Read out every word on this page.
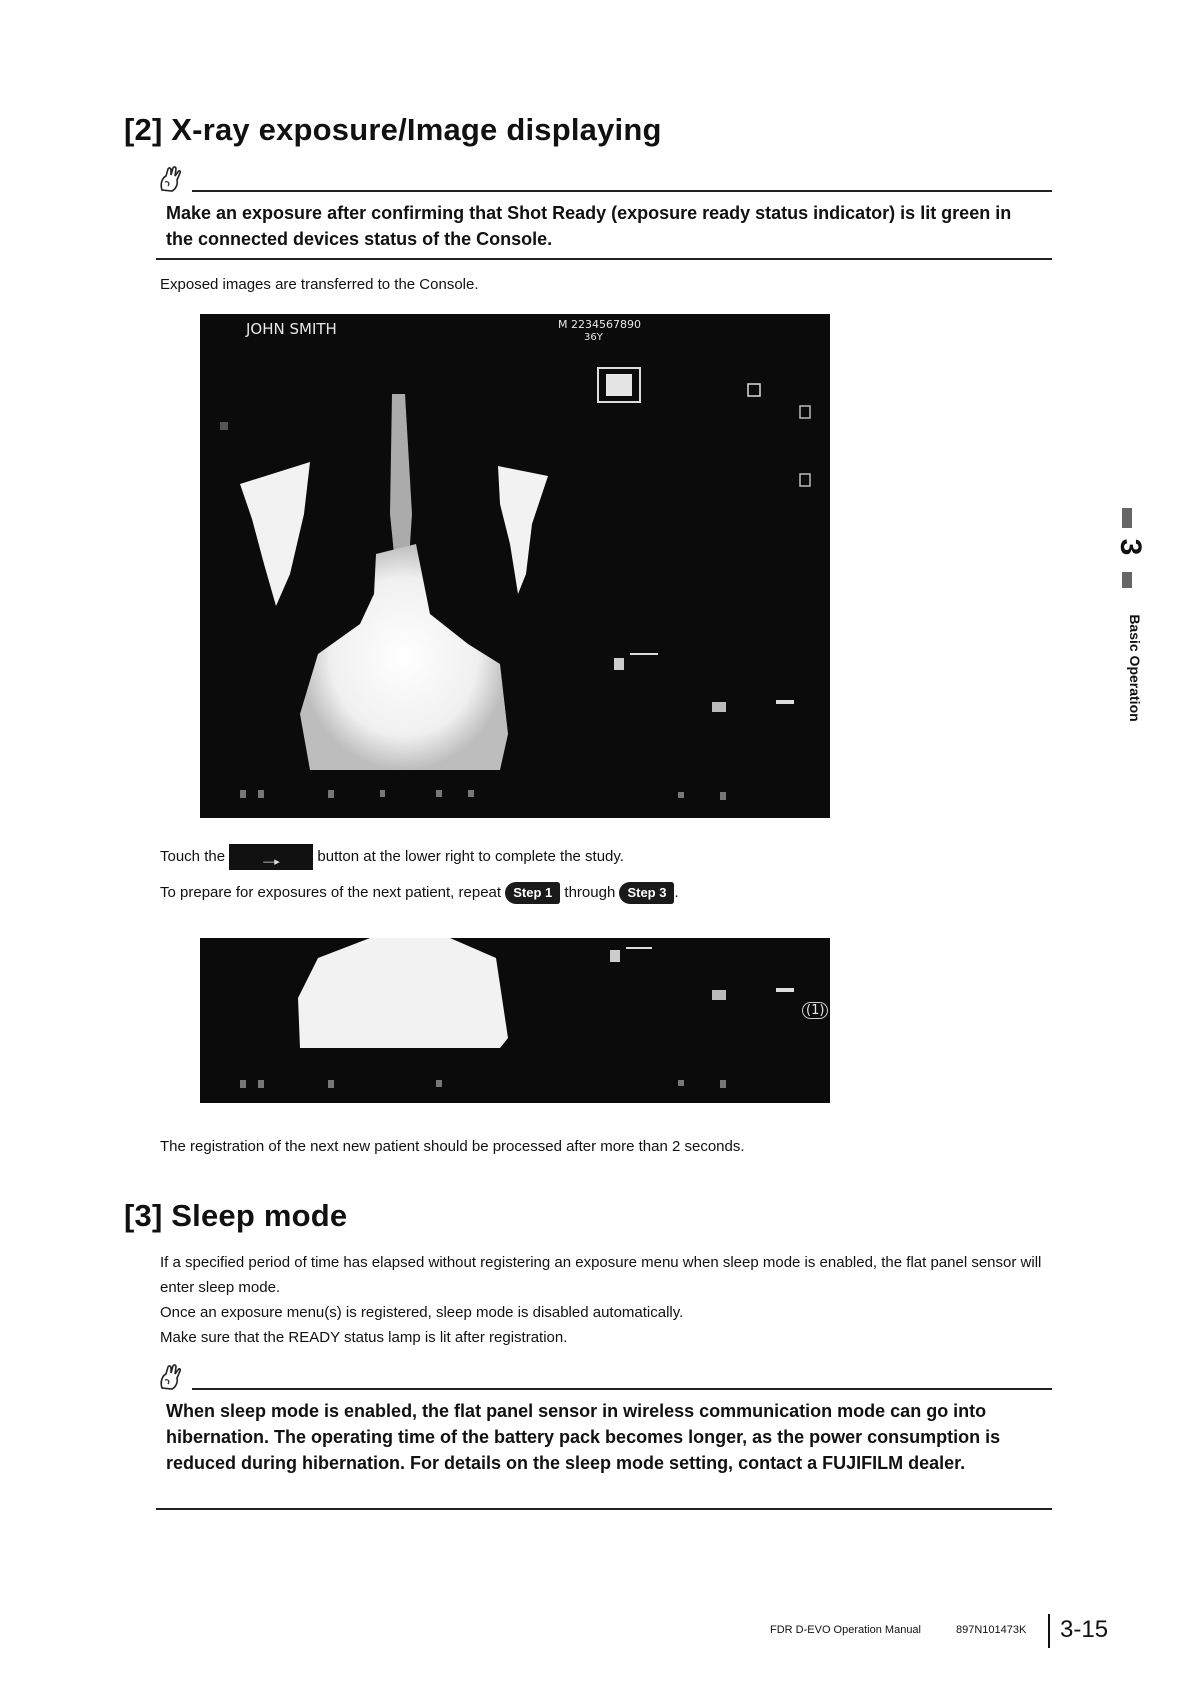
[2] X-ray exposure/Image displaying
Make an exposure after confirming that Shot Ready (exposure ready status indicator) is lit green in the connected devices status of the Console.
Exposed images are transferred to the Console.
JOHN SMITH	M 2234567890
36Y
Touch the	―▸	button at the lower right to complete the study.
To prepare for exposures of the next patient, repeat Step 1 through Step 3 .
(1)
The registration of the next new patient should be processed after more than 2 seconds.
[3] Sleep mode
If a specified period of time has elapsed without registering an exposure menu when sleep mode is enabled, the flat panel sensor will enter sleep mode.
Once an exposure menu(s) is registered, sleep mode is disabled automatically.
Make sure that the READY status lamp is lit after registration.
When sleep mode is enabled, the flat panel sensor in wireless communication mode can go into hibernation. The operating time of the battery pack becomes longer, as the power consumption is reduced during hibernation. For details on the sleep mode setting, contact a FUJIFILM dealer.
3
Basic Operation
FDR D-EVO Operation Manual	897N101473K 3-15
